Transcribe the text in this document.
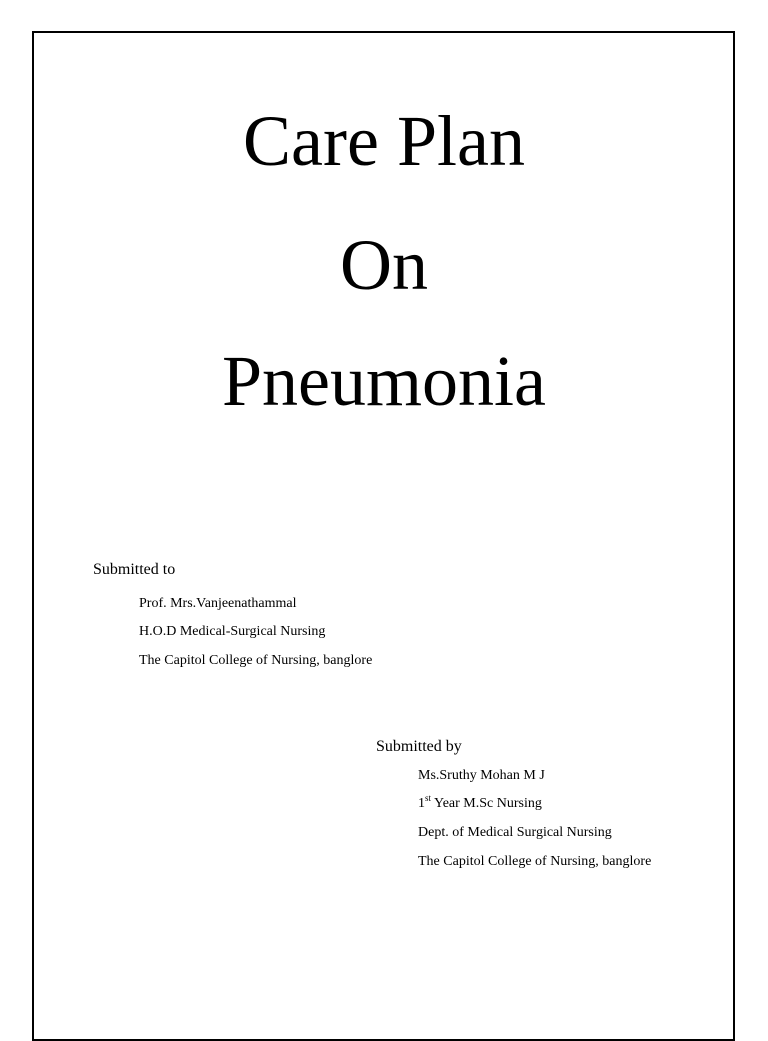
Care Plan
On
Pneumonia
Submitted to
Prof. Mrs.Vanjeenathammal
H.O.D Medical-Surgical Nursing
The Capitol College of Nursing, banglore
Submitted by
Ms.Sruthy Mohan M J
1st Year M.Sc Nursing
Dept. of Medical Surgical Nursing
The Capitol College of Nursing, banglore
